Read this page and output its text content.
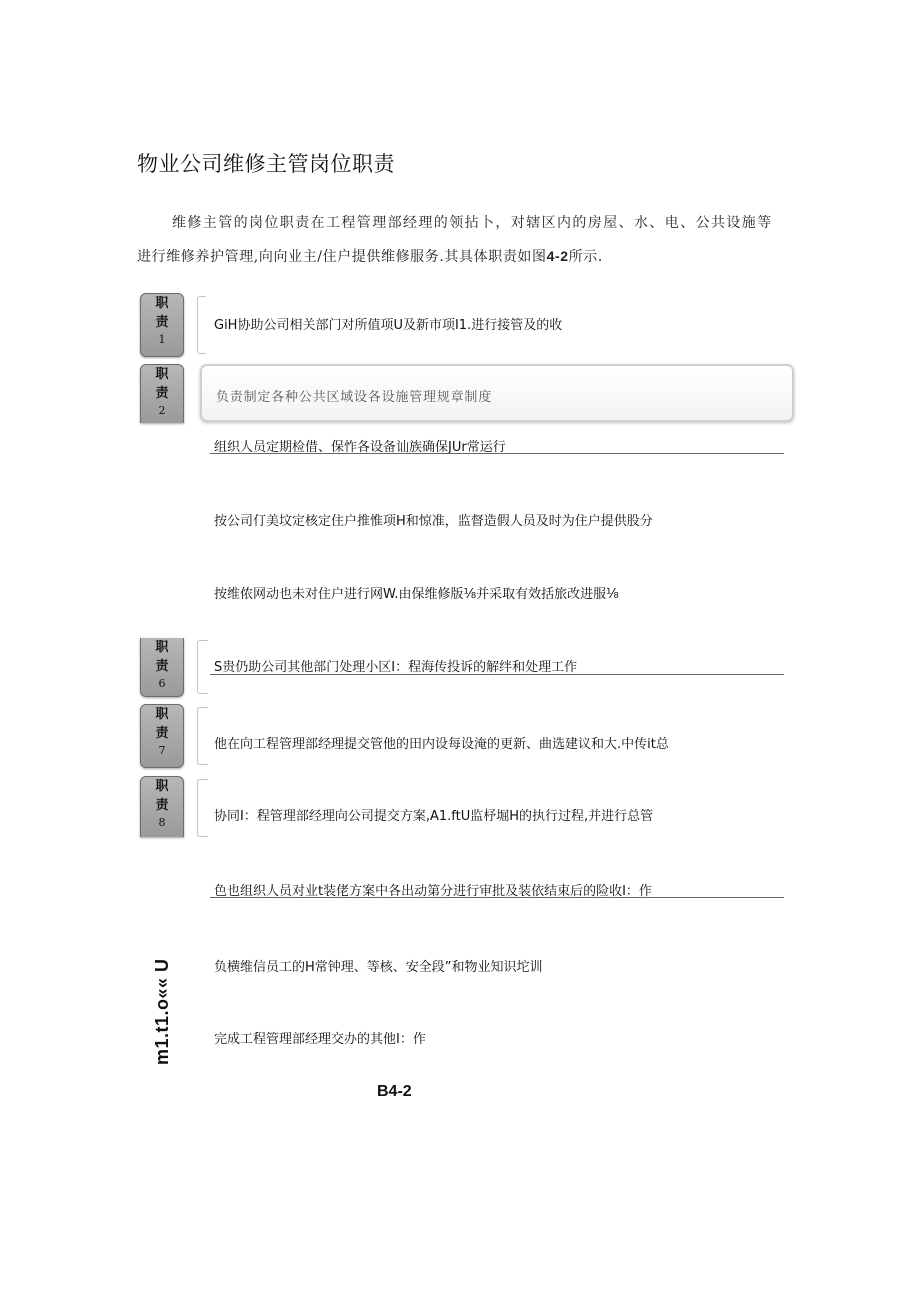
物业公司维修主管岗位职责
维修主管的岗位职责在工程管理部经理的领拈卜，对辖区内的房屋、水、电、公共设施等
进行维修养护管理,向向业主/住户提供维修服务.其具体职责如图4-2所示.
职
责
1
GiH协助公司相关部门对所值项U及新市项I1.进行接管及的收
职
责
2
负责制定各种公共区域设各设施管理规章制度
组织人员定期检借、保怍各设备讪族确保JUr常运行
按公司仃美坟定核定住户推惟项H和惊准，监督造假人员及时为住户提供股分
按维侬网动也未对住户进行网W.由保维修版⅛并采取有效括旅改进服⅛
职
责
6
S贵仍助公司其他部门处理小区I：程海传投诉的解绊和处理工作
职
责
7	他在向工程管理部经理提交管他的田内设每设淹的更新、曲选建议和大.中传it总
职
责
8	协同I：程管理部经理向公司提交方案,A1.ftU监杼堀H的执行过程,并进行总管
色也组织人员对业t装佬方案中各出动第分进行审批及装依结束后的险收I：作
负横维信员工的H常钟理、等核、安全段”和物业知识坨训
完成工程管理部经理交办的其他I：作
m1.t1.o«« U
B4-2
